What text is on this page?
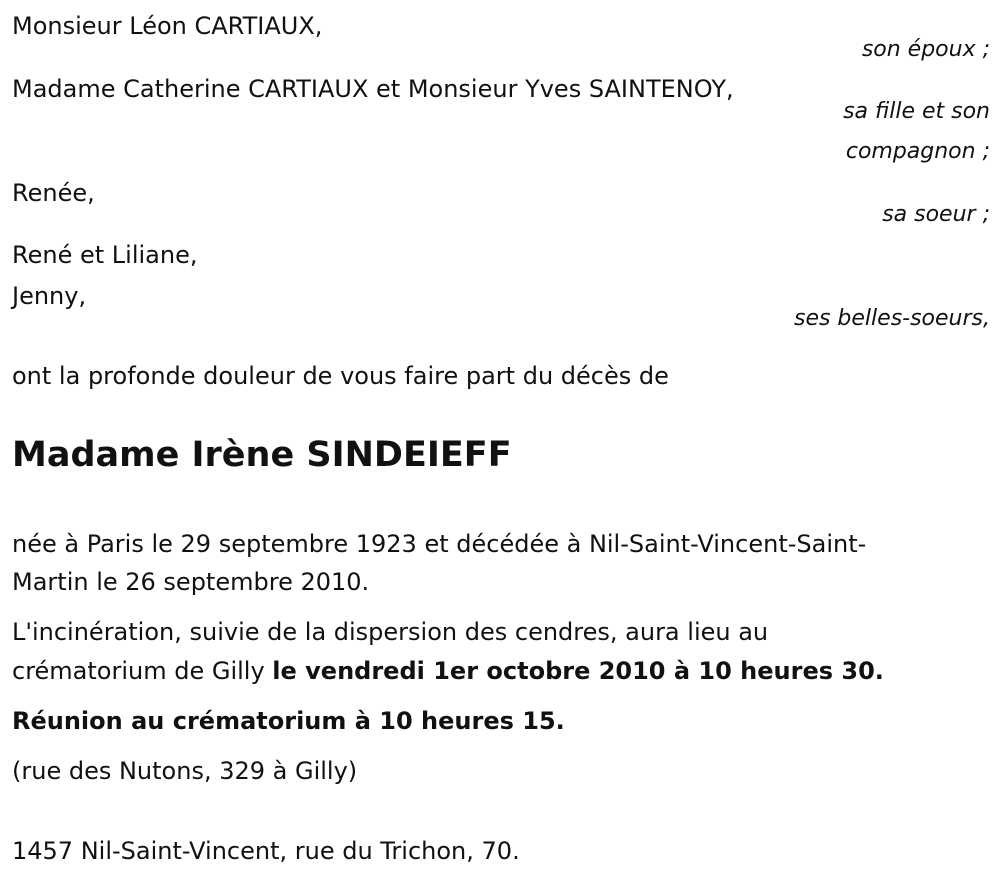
Monsieur Léon CARTIAUX,
son époux ;
Madame Catherine CARTIAUX et Monsieur Yves SAINTENOY,
sa fille et son
compagnon ;
Renée,
sa soeur ;
René et Liliane,
Jenny,
ses belles-soeurs,
ont la profonde douleur de vous faire part du décès de
Madame Irène SINDEIEFF
née à Paris le 29 septembre 1923 et décédée à Nil-Saint-Vincent-Saint-
Martin le 26 septembre 2010.
L'incinération, suivie de la dispersion des cendres, aura lieu au
crématorium de Gilly le vendredi 1er octobre 2010 à 10 heures 30.
Réunion au crématorium à 10 heures 15.
(rue des Nutons, 329 à Gilly)
1457 Nil-Saint-Vincent, rue du Trichon, 70.
